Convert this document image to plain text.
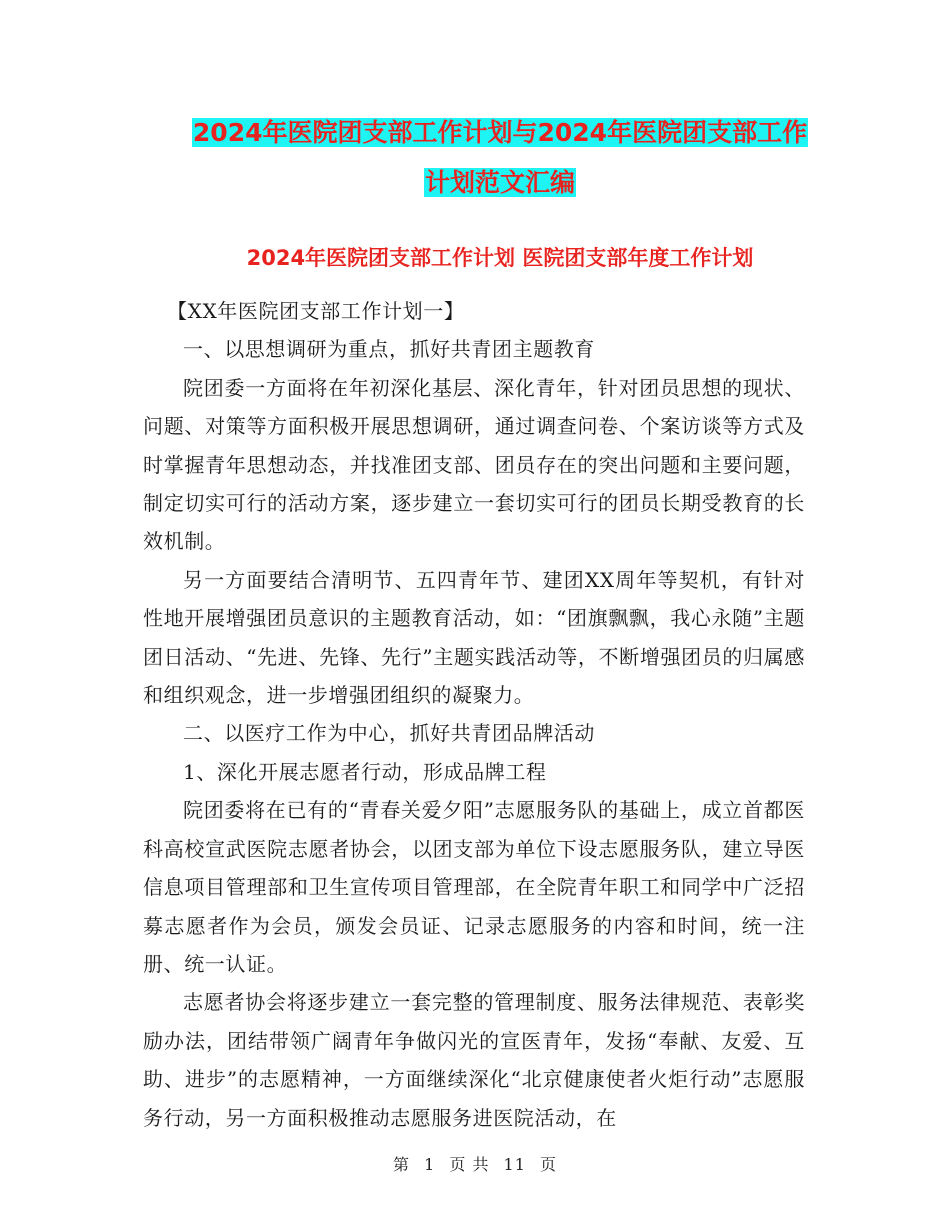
2024年医院团支部工作计划与2024年医院团支部工作
计划范文汇编
2024年医院团支部工作计划 医院团支部年度工作计划

【XX年医院团支部工作计划一】

一、以思想调研为重点，抓好共青团主题教育

院团委一方面将在年初深化基层、深化青年，针对团员思想的现状、问题、对策等方面积极开展思想调研，通过调查问卷、个案访谈等方式及时掌握青年思想动态，并找准团支部、团员存在的突出问题和主要问题，制定切实可行的活动方案，逐步建立一套切实可行的团员长期受教育的长效机制。

另一方面要结合清明节、五四青年节、建团XX周年等契机，有针对性地开展增强团员意识的主题教育活动，如：“团旗飘飘，我心永随”主题团日活动、“先进、先锋、先行”主题实践活动等，不断增强团员的归属感和组织观念，进一步增强团组织的凝聚力。

二、以医疗工作为中心，抓好共青团品牌活动

1、深化开展志愿者行动，形成品牌工程

院团委将在已有的“青春关爱夕阳”志愿服务队的基础上，成立首都医科高校宣武医院志愿者协会，以团支部为单位下设志愿服务队，建立导医信息项目管理部和卫生宣传项目管理部，在全院青年职工和同学中广泛招募志愿者作为会员，颁发会员证、记录志愿服务的内容和时间，统一注册、统一认证。

志愿者协会将逐步建立一套完整的管理制度、服务法律规范、表彰奖励办法，团结带领广阔青年争做闪光的宣医青年，发扬“奉献、友爱、互助、进步”的志愿精神，一方面继续深化“北京健康使者火炬行动”志愿服务行动，另一方面积极推动志愿服务进医院活动，在

第 1 页 共 11 页
